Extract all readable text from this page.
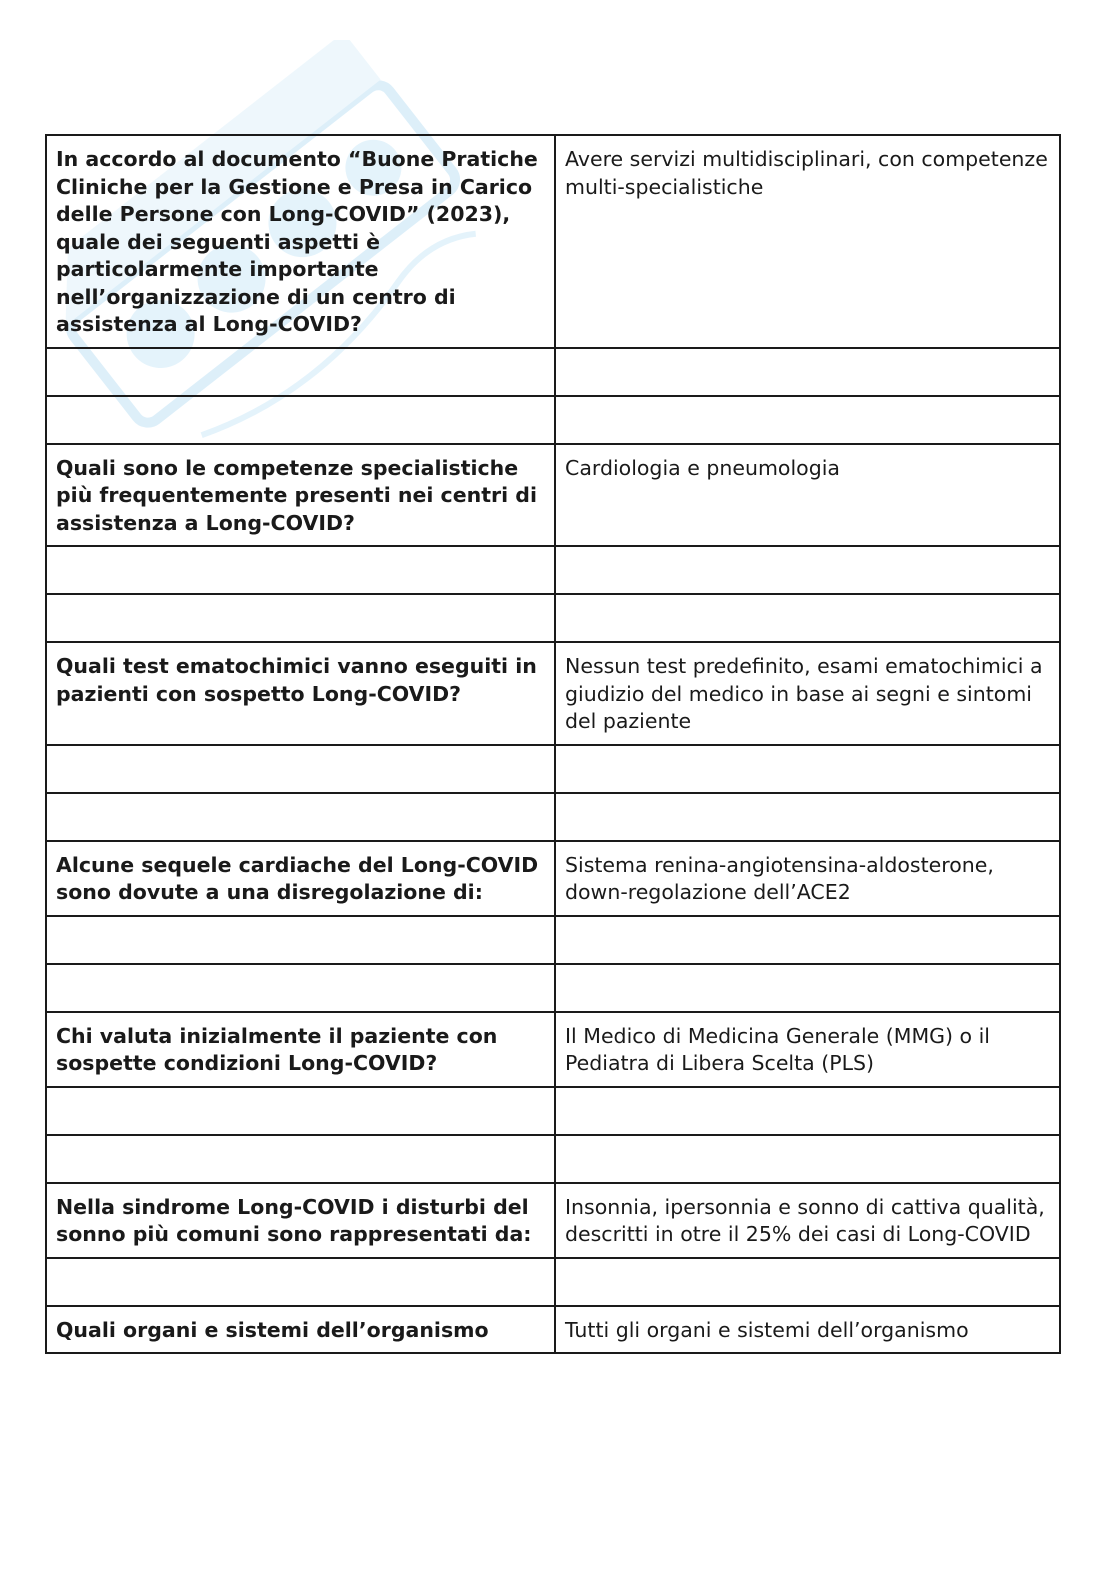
In accordo al documento “Buone Pratiche Cliniche per la Gestione e Presa in Carico delle Persone con Long-COVID” (2023), quale dei seguenti aspetti è particolarmente importante nell’organizzazione di un centro di assistenza al Long-COVID?	Avere servizi multidisciplinari, con competenze multi-specialistiche

Quali sono le competenze specialistiche più frequentemente presenti nei centri di assistenza a Long-COVID?	Cardiologia e pneumologia

Quali test ematochimici vanno eseguiti in pazienti con sospetto Long-COVID?	Nessun test predefinito, esami ematochimici a giudizio del medico in base ai segni e sintomi del paziente

Alcune sequele cardiache del Long-COVID sono dovute a una disregolazione di:	Sistema renina-angiotensina-aldosterone, down-regolazione dell’ACE2

Chi valuta inizialmente il paziente con sospette condizioni Long-COVID?	Il Medico di Medicina Generale (MMG) o il Pediatra di Libera Scelta (PLS)

Nella sindrome Long-COVID i disturbi del sonno più comuni sono rappresentati da:	Insonnia, ipersonnia e sonno di cattiva qualità, descritti in otre il 25% dei casi di Long-COVID

Quali organi e sistemi dell’organismo	Tutti gli organi e sistemi dell’organismo
